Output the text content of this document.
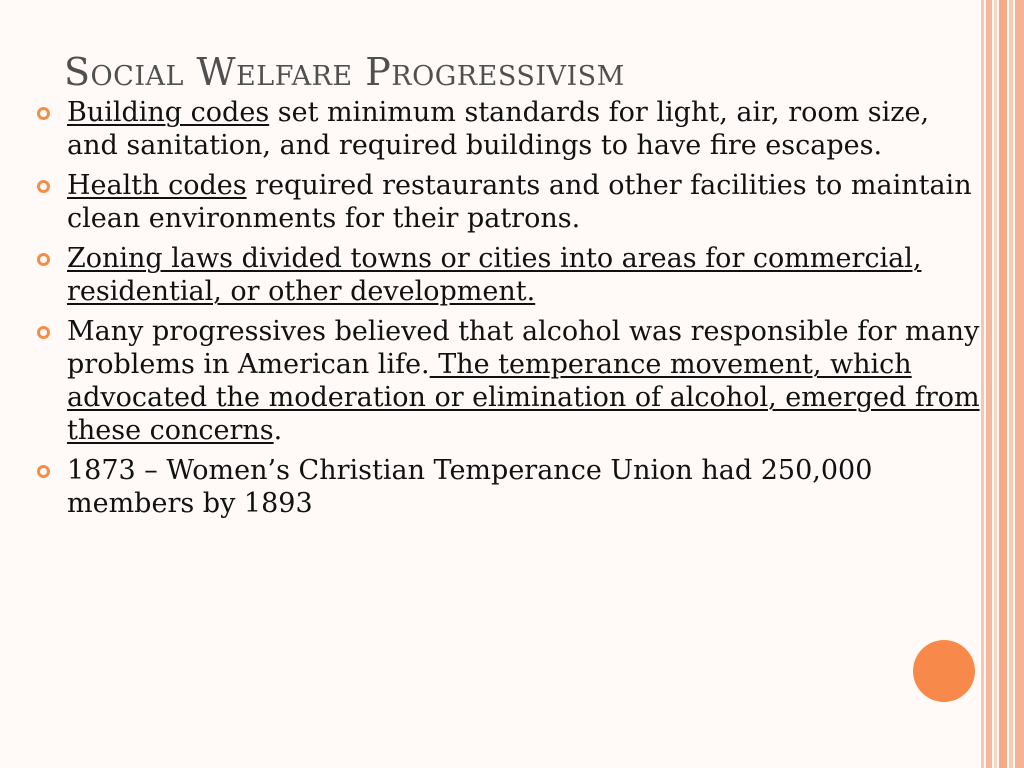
Social Welfare Progressivism
Building codes set minimum standards for light, air, room size, and sanitation, and required buildings to have fire escapes.
Health codes required restaurants and other facilities to maintain clean environments for their patrons.
Zoning laws divided towns or cities into areas for commercial, residential, or other development.
Many progressives believed that alcohol was responsible for many problems in American life. The temperance movement, which advocated the moderation or elimination of alcohol, emerged from these concerns.
1873 – Women’s Christian Temperance Union had 250,000 members by 1893
